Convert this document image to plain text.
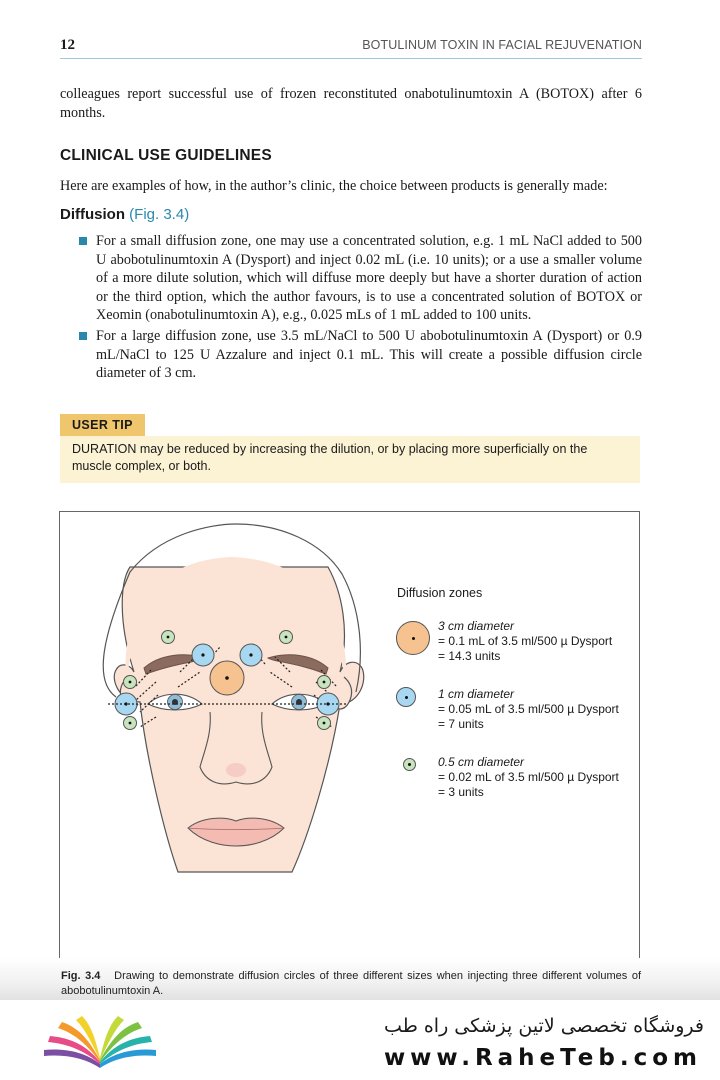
12	BOTULINUM TOXIN IN FACIAL REJUVENATION

colleagues report successful use of frozen reconstituted onabotulinumtoxin A (BOTOX) after 6 months.

CLINICAL USE GUIDELINES

Here are examples of how, in the author’s clinic, the choice between products is generally made:

Diffusion (Fig. 3.4)
For a small diffusion zone, one may use a concentrated solution, e.g. 1 mL NaCl added to 500 U abobotulinumtoxin A (Dysport) and inject 0.02 mL (i.e. 10 units); or a use a smaller volume of a more dilute solution, which will diffuse more deeply but have a shorter duration of action or the third option, which the author favours, is to use a concentrated solution of BOTOX or Xeomin (onabotulinumtoxin A), e.g., 0.025 mLs of 1 mL added to 100 units.
For a large diffusion zone, use 3.5 mL/NaCl to 500 U abobotulinumtoxin A (Dysport) or 0.9 mL/NaCl to 125 U Azzalure and inject 0.1 mL. This will create a possible diffusion circle diameter of 3 cm.
USER TIP

DURATION may be reduced by increasing the dilution, or by placing more superficially on the muscle complex, or both.

Diffusion zones
3 cm diameter
= 0.1 mL of 3.5 ml/500 µ Dysport
= 14.3 units
1 cm diameter
= 0.05 mL of 3.5 ml/500 µ Dysport
= 7 units
0.5 cm diameter
= 0.02 mL of 3.5 ml/500 µ Dysport
= 3 units

Fig. 3.4 Drawing to demonstrate diffusion circles of three different sizes when injecting three different volumes of abobotulinumtoxin A.

فروشگاه تخصصی لاتین پزشکی راه طب
www.RaheTeb.com
